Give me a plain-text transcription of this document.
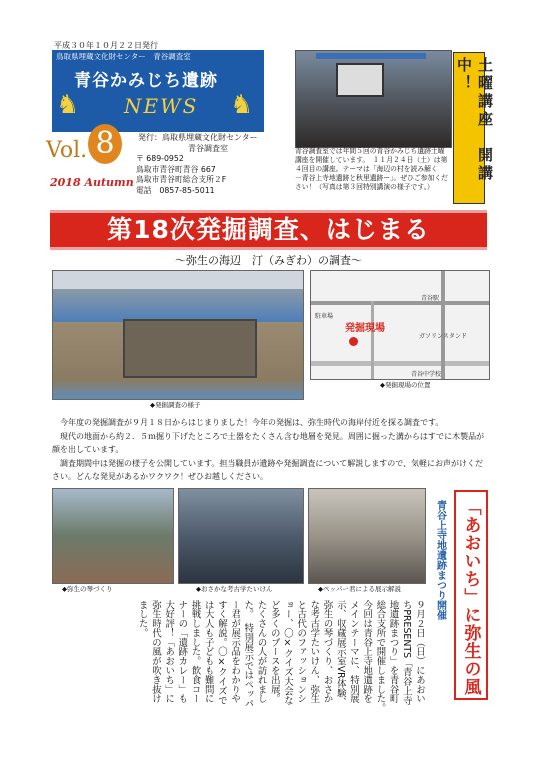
平成３０年１０月２２日発行
鳥取県埋蔵文化財センター　青谷調査室
青谷かみじち遺跡
NEWS
♞	♞
Vol. 8
2018 Autumn
発行：鳥取県埋蔵文化財センター
青谷調査室
〒 689-0952
鳥取市青谷町青谷 667
鳥取市青谷町総合支所２F
電話　0857-85-5011
青谷調査室では年間５回の青谷かみじち遺跡土曜講座を開催しています。　１１月２４日（土）は第４回目の講座。テーマは「海辺の村を読み解く　－青谷上寺地遺跡と秋里遺跡ー」。ぜひご参加ください！（写真は第３回特別講演の様子です。）
土曜講座　開講中！
第18次発掘調査、はじまる
～弥生の海辺　汀（みぎわ）の調査～
青谷駅
駐車場
ガソリンスタンド
青谷中学校
発掘現場
◆発掘調査の様子
◆発掘現場の位置

今年度の発掘調査が９月１８日からはじまりました！今年の発掘は、弥生時代の海岸付近を探る調査です。

現代の地面から約２．５ｍ掘り下げたところで土器をたくさん含む地層を発見。周囲に掘った溝からはすでに木製品が顔を出しています。

調査期間中は発掘の様子を公開しています。担当職員が遺跡や発掘調査について解説しますので、気軽にお声がけください。どんな発見があるかワクワク！ぜひお越しください。

◆弥生の琴づくり	◆おさかな考古学たいけん	◆ペッパー君による展示解説	「あおいち」に弥生の風
青谷上寺地遺跡まつり開催

９月２日（日）にあおいちPRESENTS「青谷上寺地遺跡まつり」を青谷町総合支所で開催しました。　今回は青谷上寺地遺跡をメインテーマに、特別展示、収蔵展示室VR体験、弥生の琴づくり、おさかな考古学たいけん、弥生と古代のファッションショー、〇×クイズ大会など多くのブースを出展。たくさんの人が訪れました。　特別展示ではペッパー君が展示品をわかりやすく解説。〇×クイズでは大人も子どもも難問に挑戦しました。飲食コーナーの「遺跡カレー」も大好評！「あおいち」に弥生時代の風が吹き抜けました。
